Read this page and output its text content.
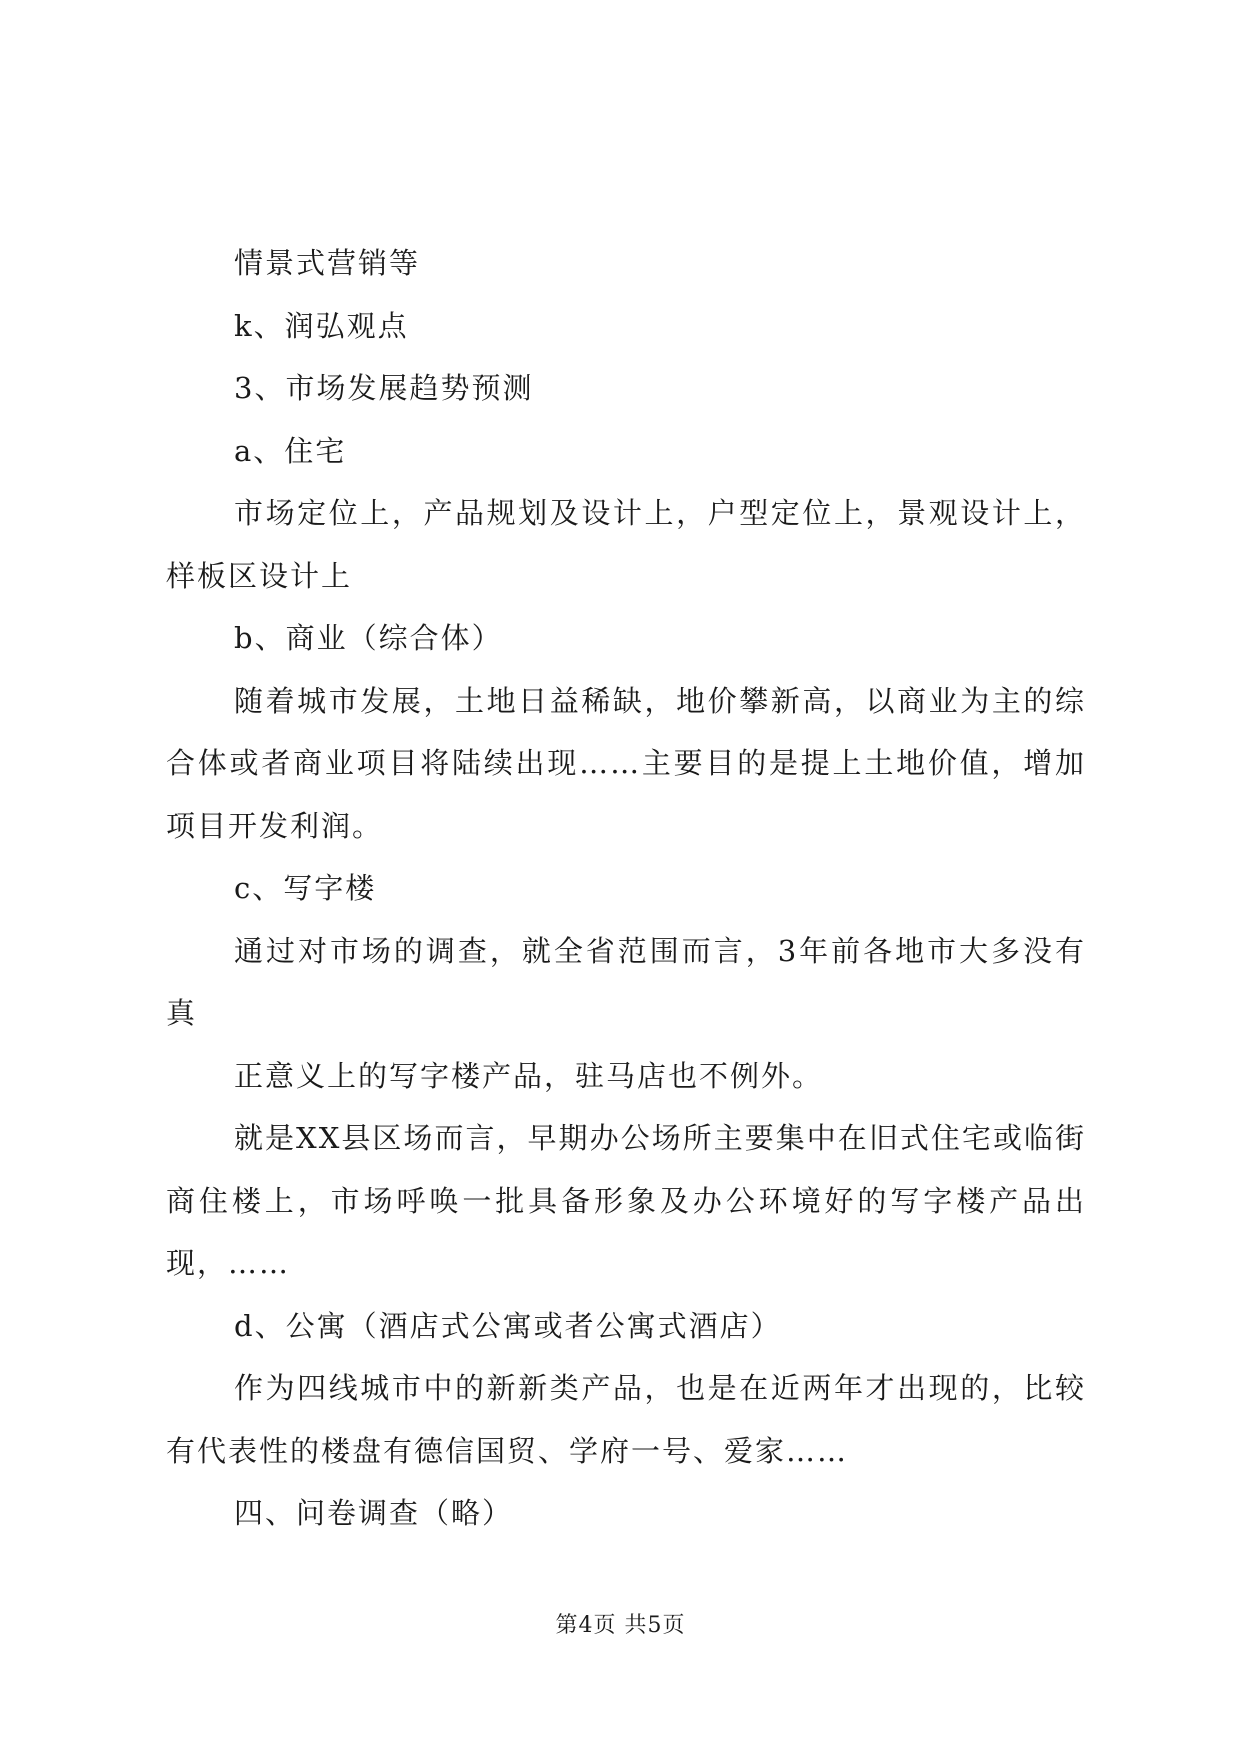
情景式营销等

k、润弘观点

3、市场发展趋势预测

a、住宅

市场定位上，产品规划及设计上，户型定位上，景观设计上，样板区设计上

b、商业（综合体）

随着城市发展，土地日益稀缺，地价攀新高，以商业为主的综合体或者商业项目将陆续出现……主要目的是提上土地价值，增加项目开发利润。

c、写字楼

通过对市场的调查，就全省范围而言，3年前各地市大多没有真

正意义上的写字楼产品，驻马店也不例外。

就是XX县区场而言，早期办公场所主要集中在旧式住宅或临街商住楼上，市场呼唤一批具备形象及办公环境好的写字楼产品出现，……

d、公寓（酒店式公寓或者公寓式酒店）

作为四线城市中的新新类产品，也是在近两年才出现的，比较有代表性的楼盘有德信国贸、学府一号、爱家……

四、问卷调查（略）

第4页 共5页
